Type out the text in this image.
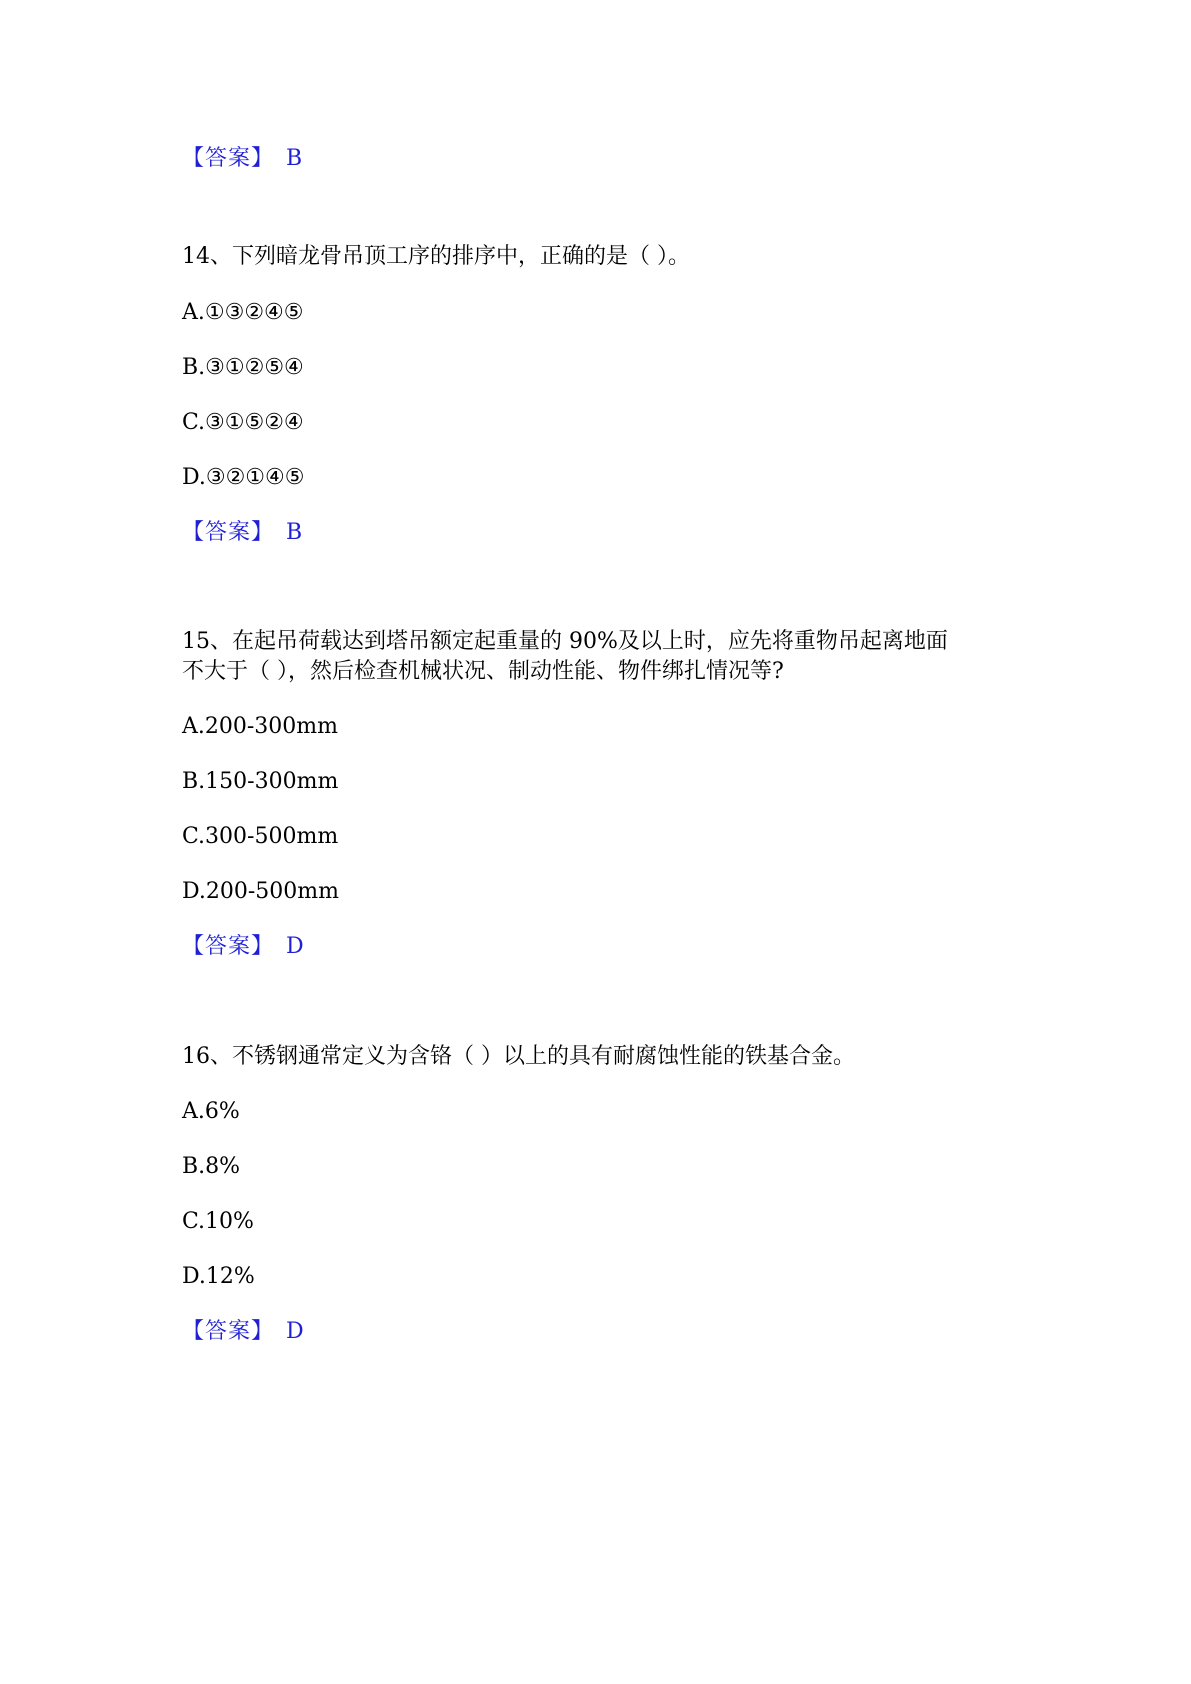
【答案】 B
14、下列暗龙骨吊顶工序的排序中，正确的是（ ）。
A.①③②④⑤
B.③①②⑤④
C.③①⑤②④
D.③②①④⑤
【答案】 B
15、在起吊荷载达到塔吊额定起重量的 90%及以上时，应先将重物吊起离地面
不大于（ ），然后检查机械状况、制动性能、物件绑扎情况等?
A.200-300mm
B.150-300mm
C.300-500mm
D.200-500mm
【答案】 D
16、不锈钢通常定义为含铬（ ）以上的具有耐腐蚀性能的铁基合金。
A.6%
B.8%
C.10%
D.12%
【答案】 D
